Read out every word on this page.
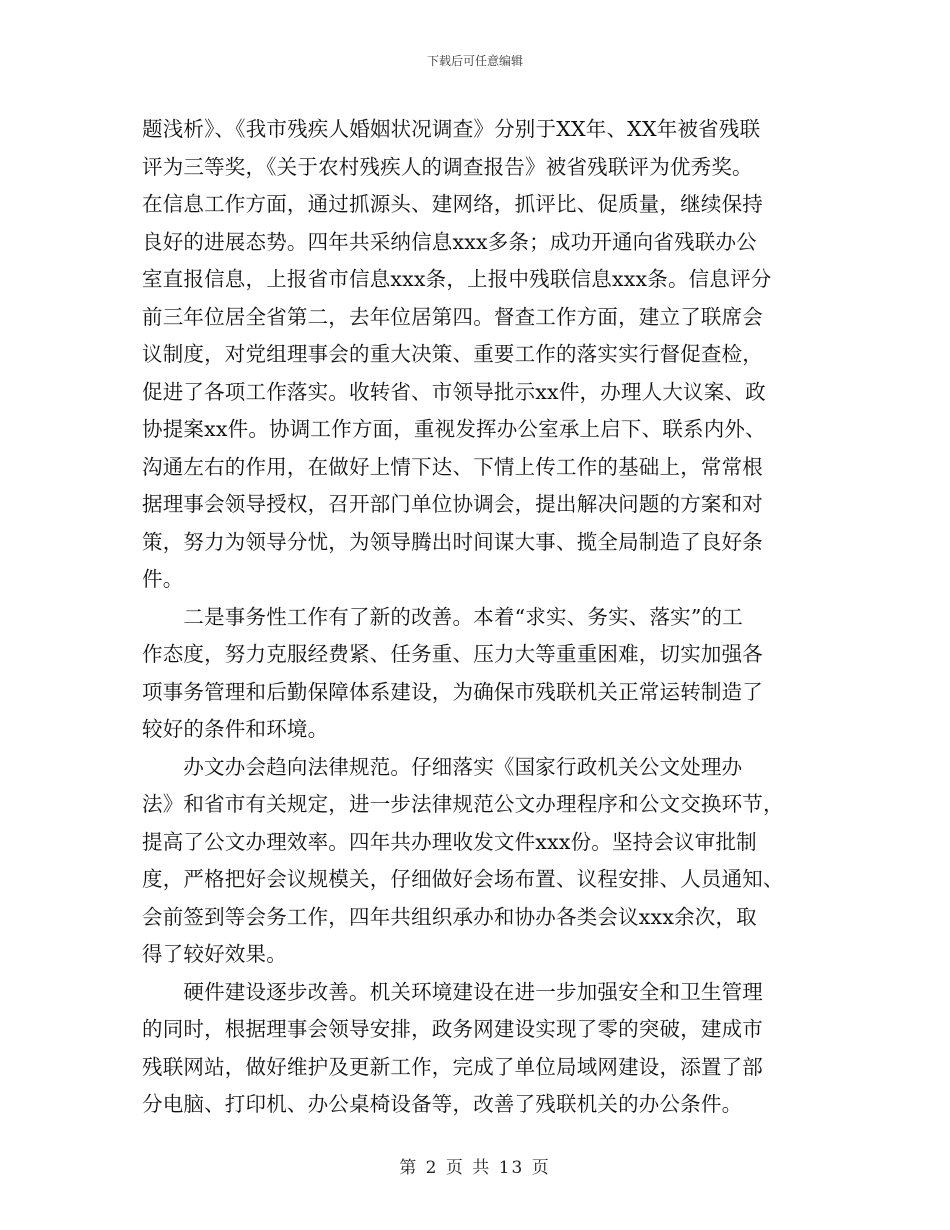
下载后可任意编辑
题浅析》、《我市残疾人婚姻状况调查》分别于XX年、XX年被省残联
评为三等奖，《关于农村残疾人的调查报告》被省残联评为优秀奖。
在信息工作方面，通过抓源头、建网络，抓评比、促质量，继续保持
良好的进展态势。四年共采纳信息xxx多条；成功开通向省残联办公
室直报信息，上报省市信息xxx条，上报中残联信息xxx条。信息评分
前三年位居全省第二，去年位居第四。督查工作方面，建立了联席会
议制度，对党组理事会的重大决策、重要工作的落实实行督促查检，
促进了各项工作落实。收转省、市领导批示xx件，办理人大议案、政
协提案xx件。协调工作方面，重视发挥办公室承上启下、联系内外、
沟通左右的作用，在做好上情下达、下情上传工作的基础上，常常根
据理事会领导授权，召开部门单位协调会，提出解决问题的方案和对
策，努力为领导分忧，为领导腾出时间谋大事、揽全局制造了良好条
件。
　　二是事务性工作有了新的改善。本着“求实、务实、落实”的工
作态度，努力克服经费紧、任务重、压力大等重重困难，切实加强各
项事务管理和后勤保障体系建设，为确保市残联机关正常运转制造了
较好的条件和环境。
　　办文办会趋向法律规范。仔细落实《国家行政机关公文处理办
法》和省市有关规定，进一步法律规范公文办理程序和公文交换环节，
提高了公文办理效率。四年共办理收发文件xxx份。坚持会议审批制
度，严格把好会议规模关，仔细做好会场布置、议程安排、人员通知、
会前签到等会务工作，四年共组织承办和协办各类会议xxx余次，取
得了较好效果。
　　硬件建设逐步改善。机关环境建设在进一步加强安全和卫生管理
的同时，根据理事会领导安排，政务网建设实现了零的突破，建成市
残联网站，做好维护及更新工作，完成了单位局域网建设，添置了部
分电脑、打印机、办公桌椅设备等，改善了残联机关的办公条件。
第 2 页 共 13 页
